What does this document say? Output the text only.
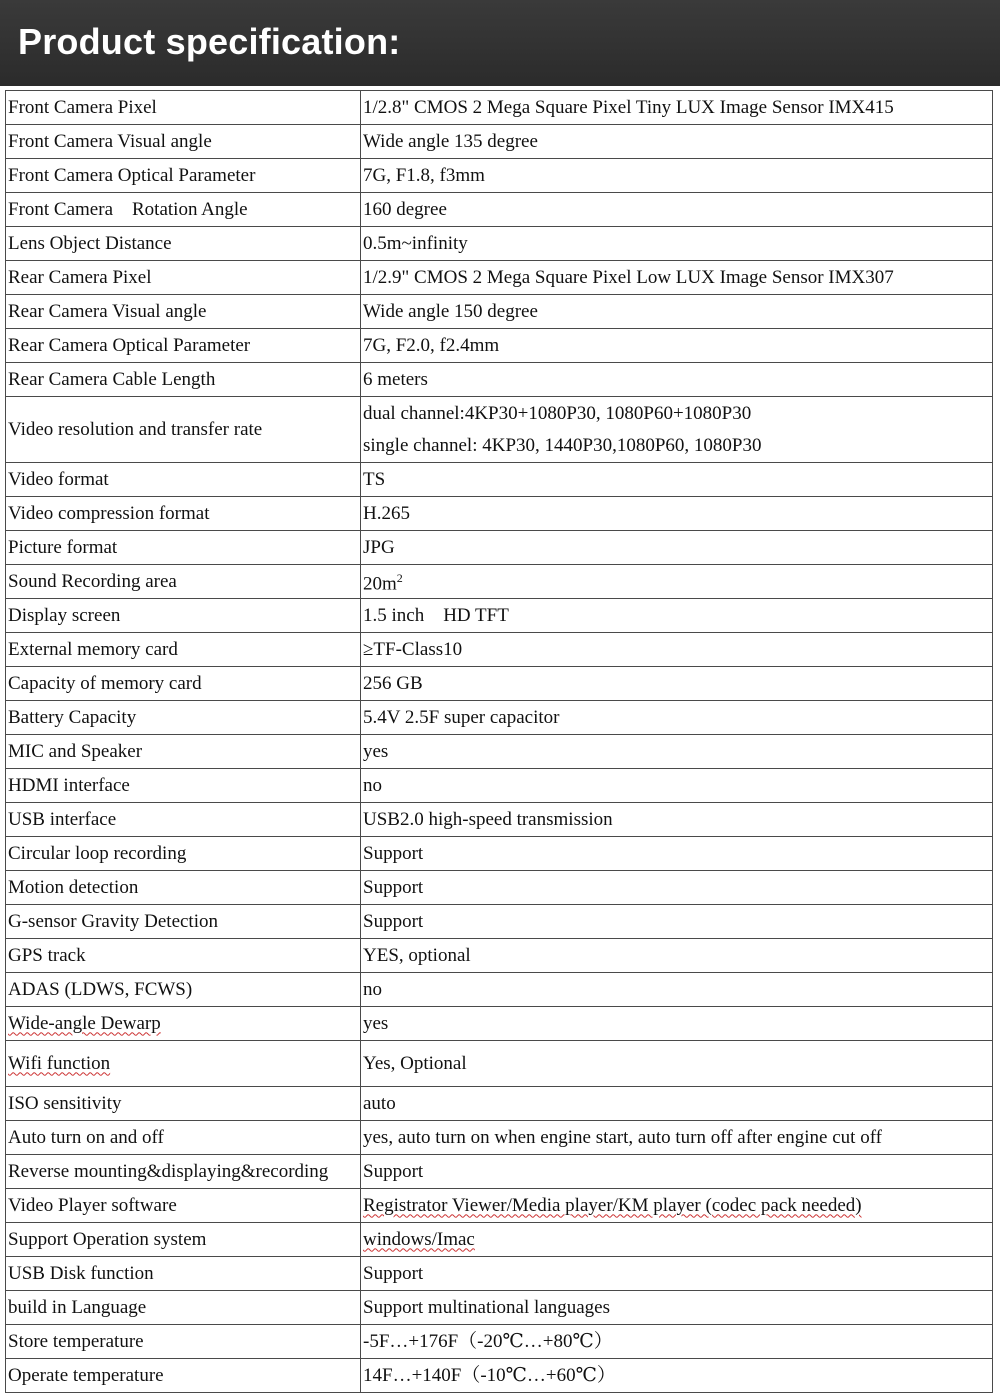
Product specification:
Front Camera Pixel	1/2.8" CMOS 2 Mega Square Pixel Tiny LUX Image Sensor IMX415
Front Camera Visual angle	Wide angle 135 degree
Front Camera Optical Parameter	7G, F1.8, f3mm
Front Camera    Rotation Angle	160 degree
Lens Object Distance	0.5m~infinity
Rear Camera Pixel	1/2.9" CMOS 2 Mega Square Pixel Low LUX Image Sensor IMX307
Rear Camera Visual angle	Wide angle 150 degree
Rear Camera Optical Parameter	7G, F2.0, f2.4mm
Rear Camera Cable Length	6 meters
Video resolution and transfer rate	dual channel:4KP30+1080P30, 1080P60+1080P30
single channel: 4KP30, 1440P30,1080P60, 1080P30

Video format	TS
Video compression format	H.265
Picture format	JPG
Sound Recording area	$20m^2$
Display screen	1.5 inch    HD TFT
External memory card	≥TF-Class10
Capacity of memory card	256 GB
Battery Capacity	5.4V 2.5F super capacitor
MIC and Speaker	yes
HDMI interface	no
USB interface	USB2.0 high-speed transmission
Circular loop recording	Support
Motion detection	Support
G-sensor Gravity Detection	Support
GPS track	YES, optional
ADAS (LDWS, FCWS)	no
Wide-angle Dewarp	yes
Wifi function	Yes, Optional
ISO sensitivity	auto
Auto turn on and off	yes, auto turn on when engine start, auto turn off after engine cut off
Reverse mounting&displaying&recording	Support
Video Player software	Registrator Viewer/Media player/KM player (codec pack needed)
Support Operation system	windows/Imac
USB Disk function	Support
build in Language	Support multinational languages
Store temperature	-5F…+176F（-20℃…+80℃）
Operate temperature	14F…+140F（-10℃…+60℃）
